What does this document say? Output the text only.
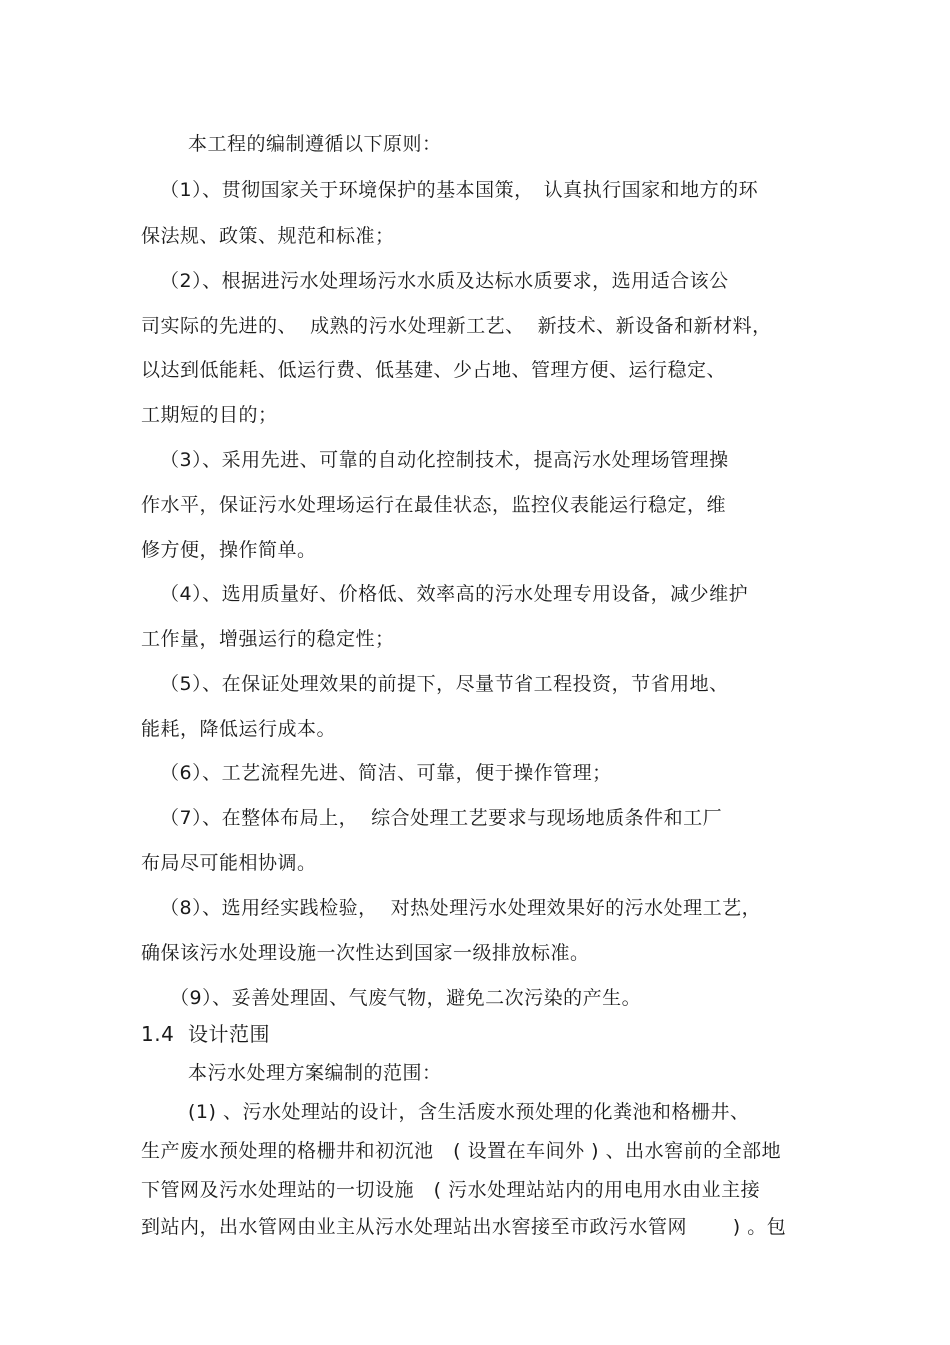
本工程的编制遵循以下原则：
（1）、贯彻国家关于环境保护的基本国策，　认真执行国家和地方的环
保法规、政策、规范和标准；
（2）、根据进污水处理场污水水质及达标水质要求，选用适合该公
司实际的先进的、  成熟的污水处理新工艺、  新技术、新设备和新材料，
以达到低能耗、低运行费、低基建、少占地、管理方便、运行稳定、
工期短的目的；
（3）、采用先进、可靠的自动化控制技术，提高污水处理场管理操
作水平，保证污水处理场运行在最佳状态，监控仪表能运行稳定，维
修方便，操作简单。
（4）、选用质量好、价格低、效率高的污水处理专用设备，减少维护
工作量，增强运行的稳定性；
（5）、在保证处理效果的前提下，尽量节省工程投资，节省用地、
能耗，降低运行成本。
（6）、工艺流程先进、简洁、可靠，便于操作管理；
（7）、在整体布局上，  综合处理工艺要求与现场地质条件和工厂
布局尽可能相协调。
（8）、选用经实践检验，  对热处理污水处理效果好的污水处理工艺，
确保该污水处理设施一次性达到国家一级排放标准。
（9）、妥善处理固、气废气物，避免二次污染的产生。
1.4  设计范围
本污水处理方案编制的范围：
(1) 、污水处理站的设计，含生活废水预处理的化粪池和格栅井、
生产废水预处理的格栅井和初沉池   ( 设置在车间外 ) 、出水窖前的全部地
下管网及污水处理站的一切设施   ( 污水处理站站内的用电用水由业主接
到站内，出水管网由业主从污水处理站出水窖接至市政污水管网       ) 。包
